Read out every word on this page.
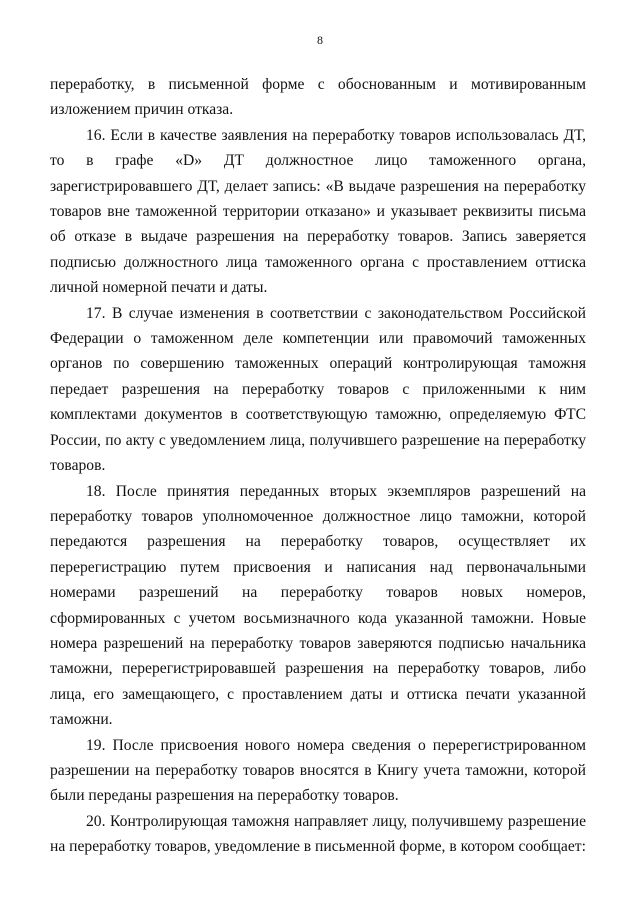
8

переработку, в письменной форме с обоснованным и мотивированным изложением причин отказа.

16. Если в качестве заявления на переработку товаров использовалась ДТ, то в графе «D» ДТ должностное лицо таможенного органа, зарегистрировавшего ДТ, делает запись: «В выдаче разрешения на переработку товаров вне таможенной территории отказано» и указывает реквизиты письма об отказе в выдаче разрешения на переработку товаров. Запись заверяется подписью должностного лица таможенного органа с проставлением оттиска личной номерной печати и даты.

17. В случае изменения в соответствии с законодательством Российской Федерации о таможенном деле компетенции или правомочий таможенных органов по совершению таможенных операций контролирующая таможня передает разрешения на переработку товаров с приложенными к ним комплектами документов в соответствующую таможню, определяемую ФТС России, по акту с уведомлением лица, получившего разрешение на переработку товаров.

18. После принятия переданных вторых экземпляров разрешений на переработку товаров уполномоченное должностное лицо таможни, которой передаются разрешения на переработку товаров, осуществляет их перерегистрацию путем присвоения и написания над первоначальными номерами разрешений на переработку товаров новых номеров, сформированных с учетом восьмизначного кода указанной таможни. Новые номера разрешений на переработку товаров заверяются подписью начальника таможни, перерегистрировавшей разрешения на переработку товаров, либо лица, его замещающего, с проставлением даты и оттиска печати указанной таможни.

19. После присвоения нового номера сведения о перерегистрированном разрешении на переработку товаров вносятся в Книгу учета таможни, которой были переданы разрешения на переработку товаров.

20. Контролирующая таможня направляет лицу, получившему разрешение на переработку товаров, уведомление в письменной форме, в котором сообщает:
